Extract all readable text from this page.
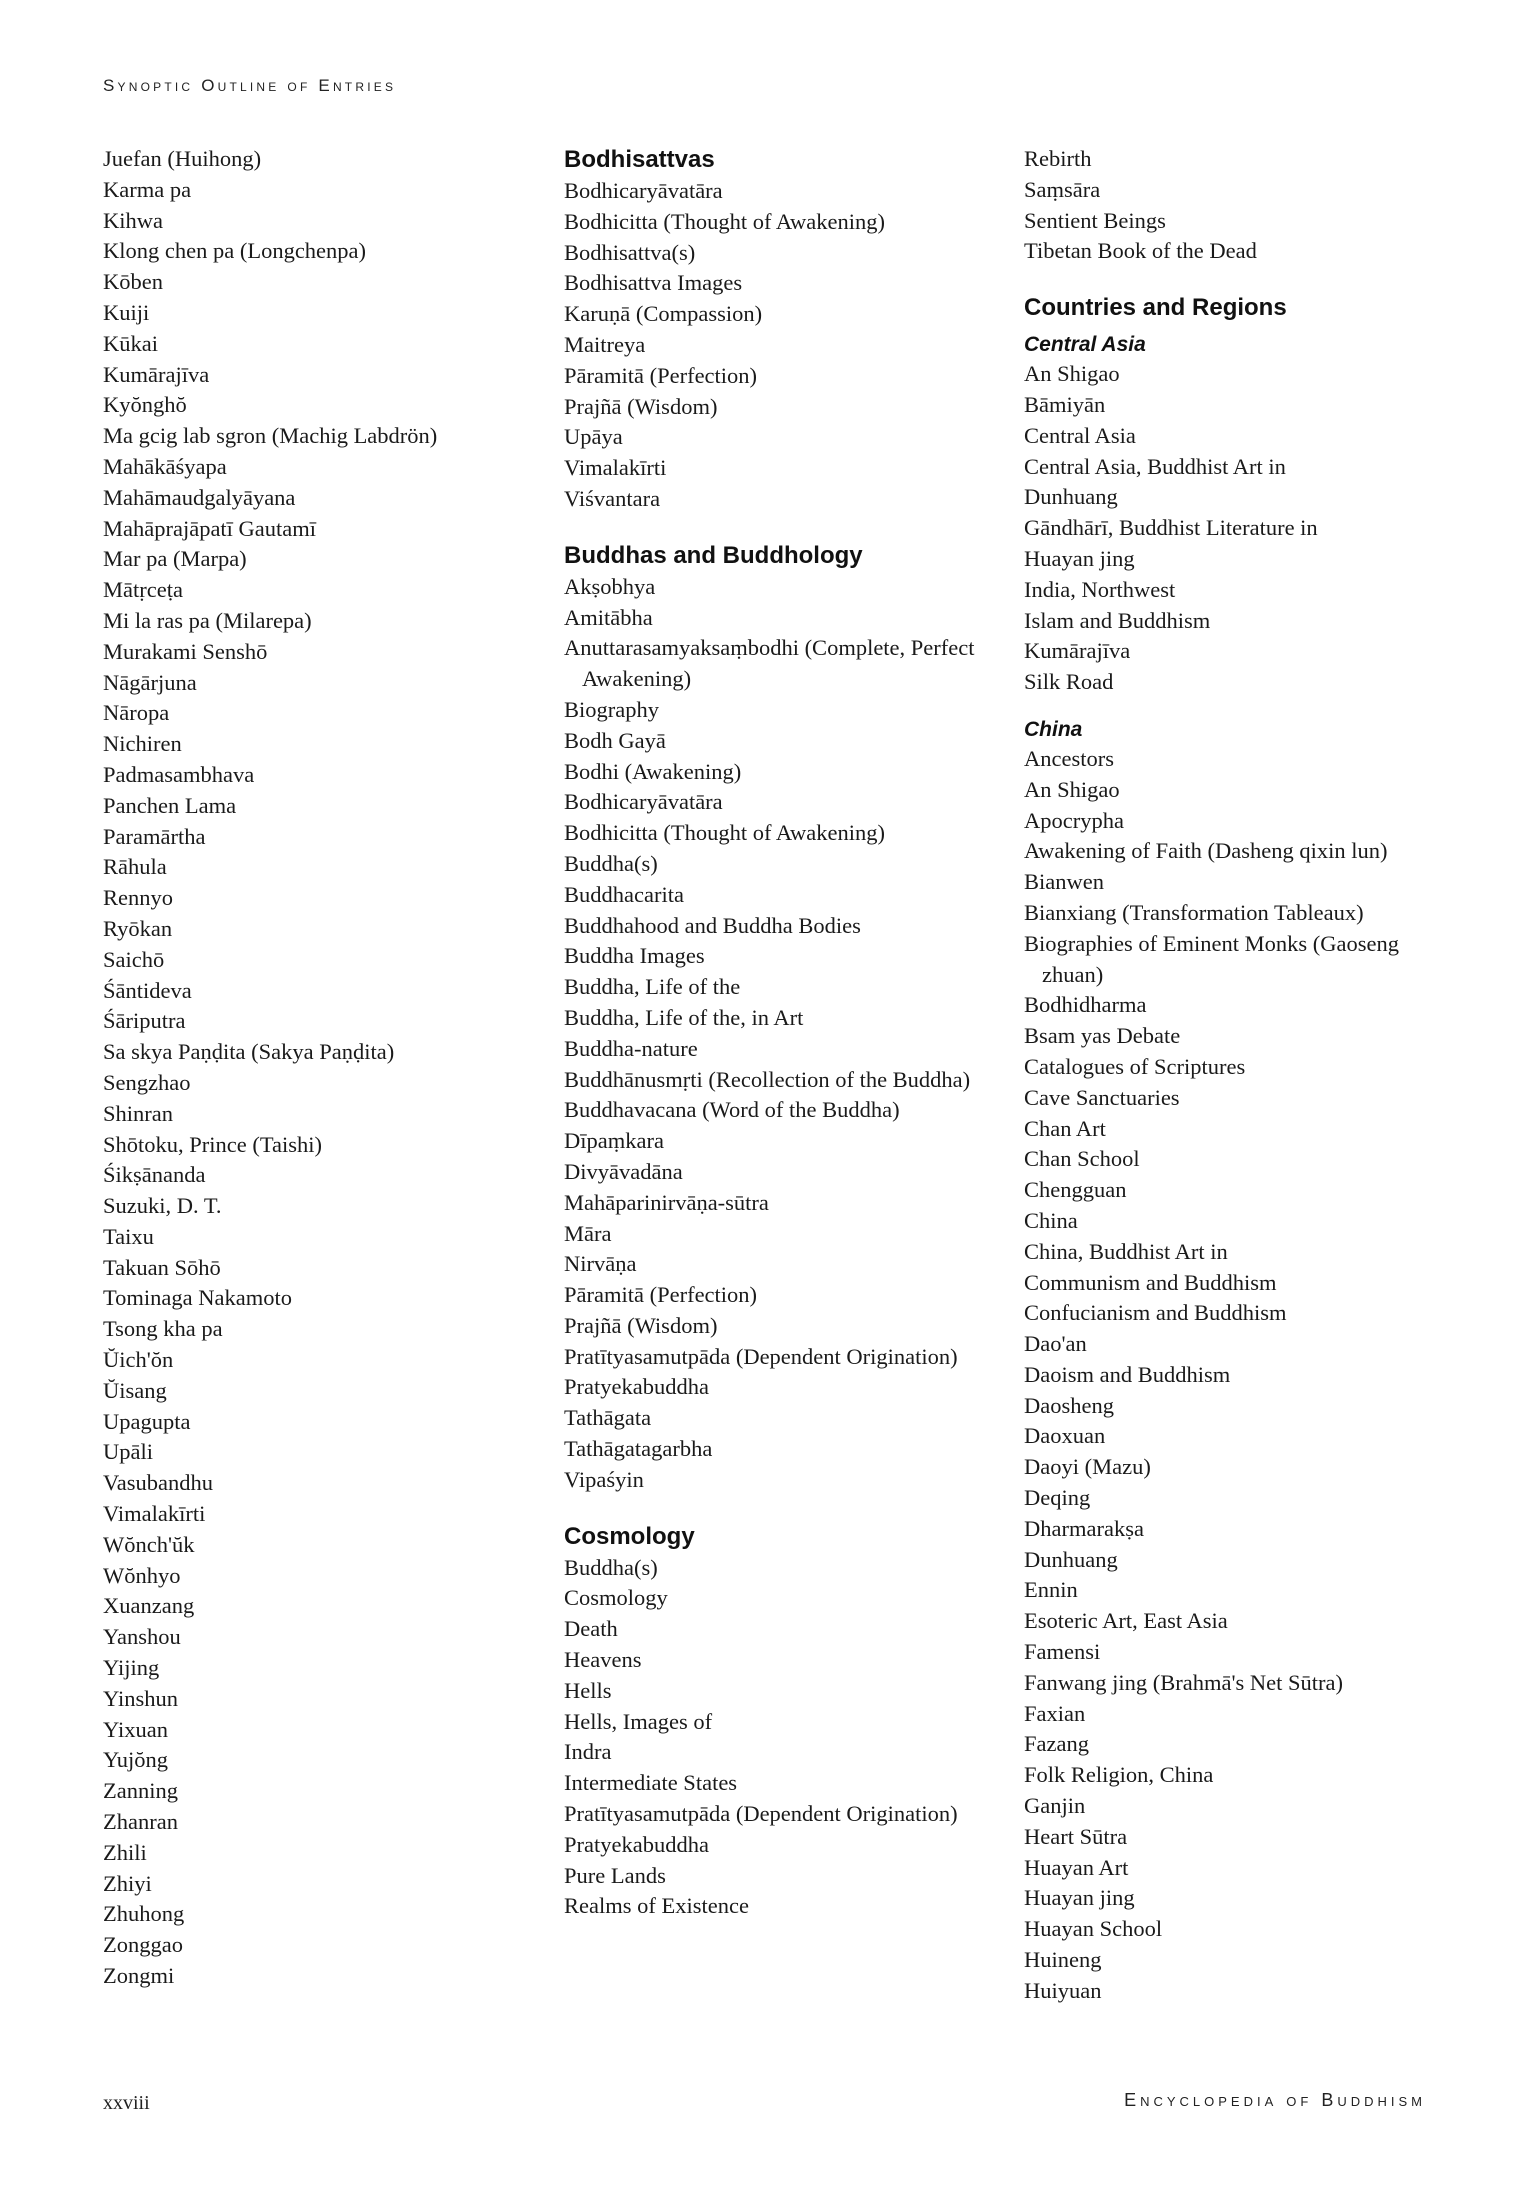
Synoptic Outline of Entries
Juefan (Huihong)
Karma pa
Kihwa
Klong chen pa (Longchenpa)
Kōben
Kuiji
Kūkai
Kumārajīva
Kyŏnghŏ
Ma gcig lab sgron (Machig Labdrön)
Mahākāśyapa
Mahāmaudgalyāyana
Mahāprajāpatī Gautamī
Mar pa (Marpa)
Mātṛceṭa
Mi la ras pa (Milarepa)
Murakami Senshō
Nāgārjuna
Nāropa
Nichiren
Padmasambhava
Panchen Lama
Paramārtha
Rāhula
Rennyo
Ryōkan
Saichō
Śāntideva
Śāriputra
Sa skya Paṇḍita (Sakya Paṇḍita)
Sengzhao
Shinran
Shōtoku, Prince (Taishi)
Śikṣānanda
Suzuki, D. T.
Taixu
Takuan Sōhō
Tominaga Nakamoto
Tsong kha pa
Ŭich'ŏn
Ŭisang
Upagupta
Upāli
Vasubandhu
Vimalakīrti
Wŏnch'ŭk
Wŏnhyo
Xuanzang
Yanshou
Yijing
Yinshun
Yixuan
Yujŏng
Zanning
Zhanran
Zhili
Zhiyi
Zhuhong
Zonggao
Zongmi
Bodhisattvas
Bodhicaryāvatāra
Bodhicitta (Thought of Awakening)
Bodhisattva(s)
Bodhisattva Images
Karuṇā (Compassion)
Maitreya
Pāramitā (Perfection)
Prajñā (Wisdom)
Upāya
Vimalakīrti
Viśvantara
Buddhas and Buddhology
Akṣobhya
Amitābha
Anuttarasamyaksaṃbodhi (Complete, Perfect Awakening)
Biography
Bodh Gayā
Bodhi (Awakening)
Bodhicaryāvatāra
Bodhicitta (Thought of Awakening)
Buddha(s)
Buddhacarita
Buddhahood and Buddha Bodies
Buddha Images
Buddha, Life of the
Buddha, Life of the, in Art
Buddha-nature
Buddhānusmṛti (Recollection of the Buddha)
Buddhavacana (Word of the Buddha)
Dīpaṃkara
Divyāvadāna
Mahāparinirvāṇa-sūtra
Māra
Nirvāṇa
Pāramitā (Perfection)
Prajñā (Wisdom)
Pratītyasamutpāda (Dependent Origination)
Pratyekabuddha
Tathāgata
Tathāgatagarbha
Vipaśyin
Cosmology
Buddha(s)
Cosmology
Death
Heavens
Hells
Hells, Images of
Indra
Intermediate States
Pratītyasamutpāda (Dependent Origination)
Pratyekabuddha
Pure Lands
Realms of Existence
Rebirth
Saṃsāra
Sentient Beings
Tibetan Book of the Dead
Countries and Regions
Central Asia
An Shigao
Bāmiyān
Central Asia
Central Asia, Buddhist Art in
Dunhuang
Gāndhārī, Buddhist Literature in
Huayan jing
India, Northwest
Islam and Buddhism
Kumārajīva
Silk Road
China
Ancestors
An Shigao
Apocrypha
Awakening of Faith (Dasheng qixin lun)
Bianwen
Bianxiang (Transformation Tableaux)
Biographies of Eminent Monks (Gaoseng zhuan)
Bodhidharma
Bsam yas Debate
Catalogues of Scriptures
Cave Sanctuaries
Chan Art
Chan School
Chengguan
China
China, Buddhist Art in
Communism and Buddhism
Confucianism and Buddhism
Dao'an
Daoism and Buddhism
Daosheng
Daoxuan
Daoyi (Mazu)
Deqing
Dharmarakṣa
Dunhuang
Ennin
Esoteric Art, East Asia
Famensi
Fanwang jing (Brahmā's Net Sūtra)
Faxian
Fazang
Folk Religion, China
Ganjin
Heart Sūtra
Huayan Art
Huayan jing
Huayan School
Huineng
Huiyuan
xxviii	Encyclopedia of Buddhism
